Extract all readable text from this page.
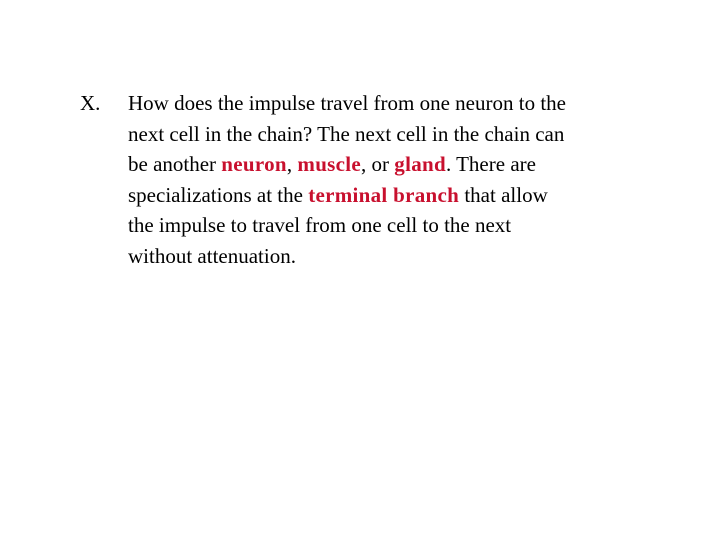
X.	How does the impulse travel from one neuron to the
next cell in the chain? The next cell in the chain can
be another neuron, muscle, or gland. There are
specializations at the terminal branch that allow
the impulse to travel from one cell to the next
without attenuation.
